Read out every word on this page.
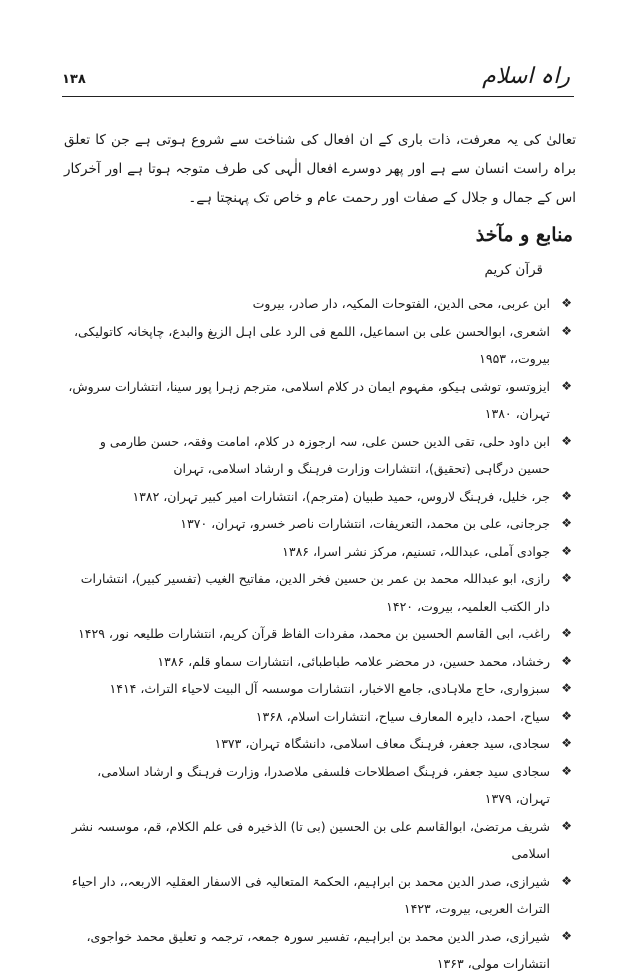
راہ اسلام
۱۳۸

تعالیٰ کی یہ معرفت، ذات باری کے ان افعال کی شناخت سے شروع ہوتی ہے جن کا تعلق براہ راست انسان سے ہے اور پھر دوسرے افعال الٰہی کی طرف متوجہ ہوتا ہے اور آخرکار اس کے جمال و جلال کے صفات اور رحمت عام و خاص تک پہنچتا ہے۔

منابع و مآخذ
قرآن کریم
❖
ابن عربی، محی الدین، الفتوحات المکیہ، دار صادر، بیروت
❖
اشعری، ابوالحسن علی بن اسماعیل، اللمع فی الرد علی اہل الزیغ والبدع، چاپخانہ کاتولیکی، بیروت،، ۱۹۵۳
❖
ایزوتسو، توشی ہیکو، مفہوم ایمان در کلام اسلامی، مترجم زہرا پور سینا، انتشارات سروش، تہران، ۱۳۸۰
❖
ابن داود حلی، تقی الدین حسن علی، سہ ارجوزہ در کلام، امامت وفقہ، حسن طارمی و حسین درگاہی (تحقیق)، انتشارات وزارت فرہنگ و ارشاد اسلامی، تہران
❖
جر، خلیل، فرہنگ لاروس، حمید طبیان (مترجم)، انتشارات امیر کبیر تہران، ۱۳۸۲
❖
جرجانی، علی بن محمد، التعریفات، انتشارات ناصر خسرو، تہران، ۱۳۷۰
❖
جوادی آملی، عبداللہ، تسنیم، مرکز نشر اسرا، ۱۳۸۶
❖
رازی، ابو عبداللہ محمد بن عمر بن حسین فخر الدین، مفاتیح الغیب (تفسیر کبیر)، انتشارات دار الکتب العلمیہ، بیروت، ۱۴۲۰
❖
راغب، ابی القاسم الحسین بن محمد، مفردات الفاظ قرآن کریم، انتشارات طلیعہ نور، ۱۴۲۹
❖
رخشاد، محمد حسین، در محضر علامہ طباطبائی، انتشارات سماو قلم، ۱۳۸۶
❖
سبزواری، حاج ملاہادی، جامع الاخبار، انتشارات موسسہ آل البیت لاحیاء التراث، ۱۴۱۴
❖
سیاح، احمد، دایرہ المعارف سیاح، انتشارات اسلام، ۱۳۶۸
❖
سجادی، سید جعفر، فرہنگ معاف اسلامی، دانشگاہ تہران، ۱۳۷۳
❖
سجادی سید جعفر، فرہنگ اصطلاحات فلسفی ملاصدرا، وزارت فرہنگ و ارشاد اسلامی، تہران، ۱۳۷۹
❖
شریف مرتضیٰ، ابوالقاسم علی بن الحسین (بی تا) الذخیرہ فی علم الکلام، قم، موسسہ نشر اسلامی
❖
شیرازی، صدر الدین محمد بن ابراہیم، الحکمۃ المتعالیہ فی الاسفار العقلیہ الاربعہ،، دار احیاء التراث العربی، بیروت، ۱۴۲۳
❖
شیرازی، صدر الدین محمد بن ابراہیم، تفسیر سورہ جمعہ، ترجمہ و تعلیق محمد خواجوی، انتشارات مولی، ۱۳۶۳
